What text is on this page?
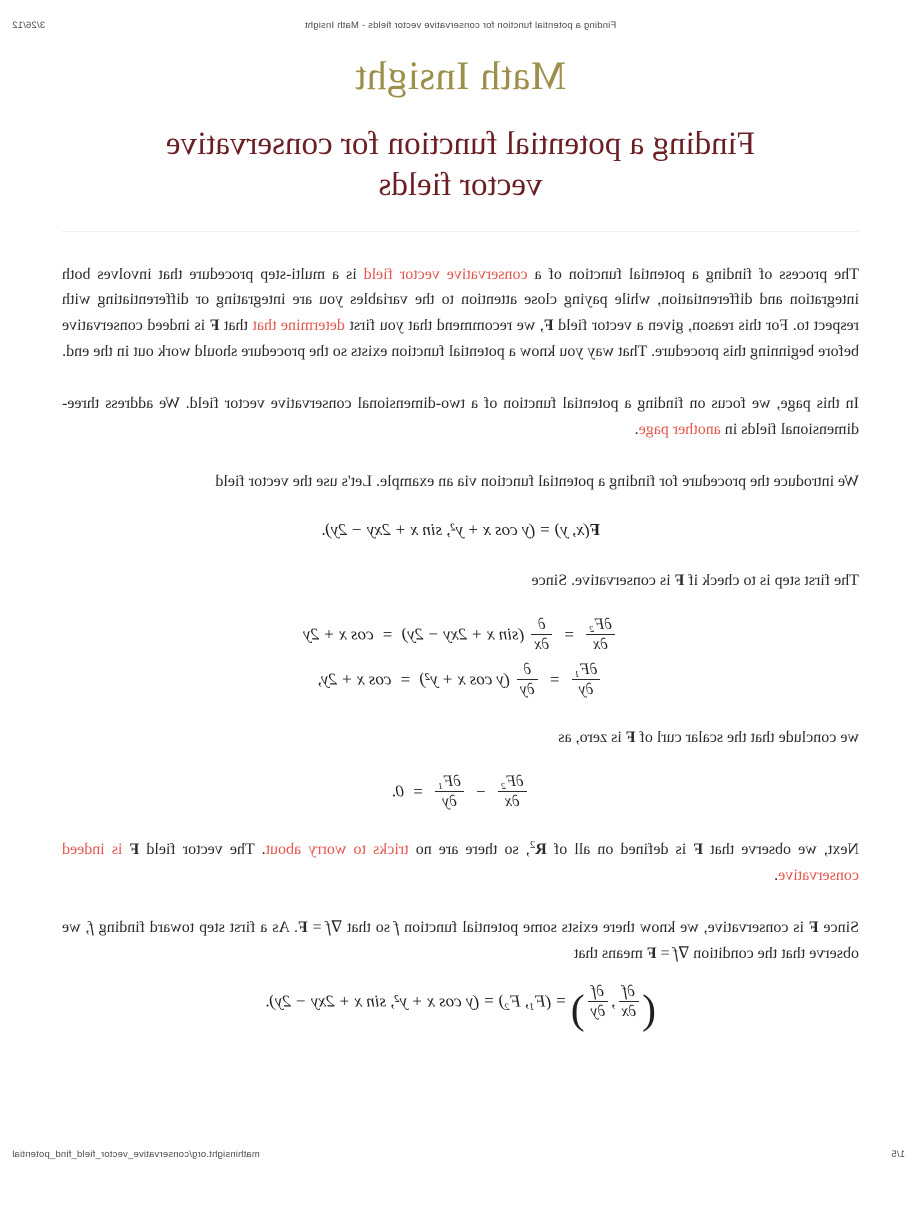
Finding a potential function for conservative vector fields - Math Insight
3/26/12
Math Insight
Finding a potential function for conservative vector fields

The process of finding a potential function of a conservative vector field is a multi-step procedure that involves both integration and differentiation, while paying close attention to the variables you are integrating or differentiating with respect to. For this reason, given a vector field F, we recommend that you first determine that that F is indeed conservative before beginning this procedure. That way you know a potential function exists so the procedure should work out in the end.

In this page, we focus on finding a potential function of a two-dimensional conservative vector field. We address three-dimensional fields in another page.

We introduce the procedure for finding a potential function via an example. Let's use the vector field

F(x, y)=(y cos x + y², sin x + 2xy − 2y).

The first step is to check if F is conservative. Since

$\frac{\text{∂F₂}}{\partial x}$
=
$\frac{\partial}{\partial x}$
(sin x + 2xy − 2y) = cos x + 2y
$\frac{\text{∂F₁}}{\partial y}$
=
$\frac{\partial}{\partial y}$
(y cos x + y²) = cos x + 2y,

we conclude that the scalar curl of F is zero, as

$\frac{\text{∂F₂}}{\partial x}$
−
$\frac{\text{∂F₁}}{\partial y}$
= 0.

Next, we observe that F is defined on all of $R^2$, so there are no tricks to worry about. The vector field F is indeed conservative.

Since F is conservative, we know there exists some potential function f so that ∇f = F. As a first step toward finding f, we observe that the condition ∇f = F means that

(
$\frac{\partial f}{\partial x}$
,
$\frac{\partial f}{\partial y}$
)=(F₁, F₂)=(y cos x + y², sin x + 2xy − 2y).
1/5
mathinsight.org/conservative_vector_field_find_potential
